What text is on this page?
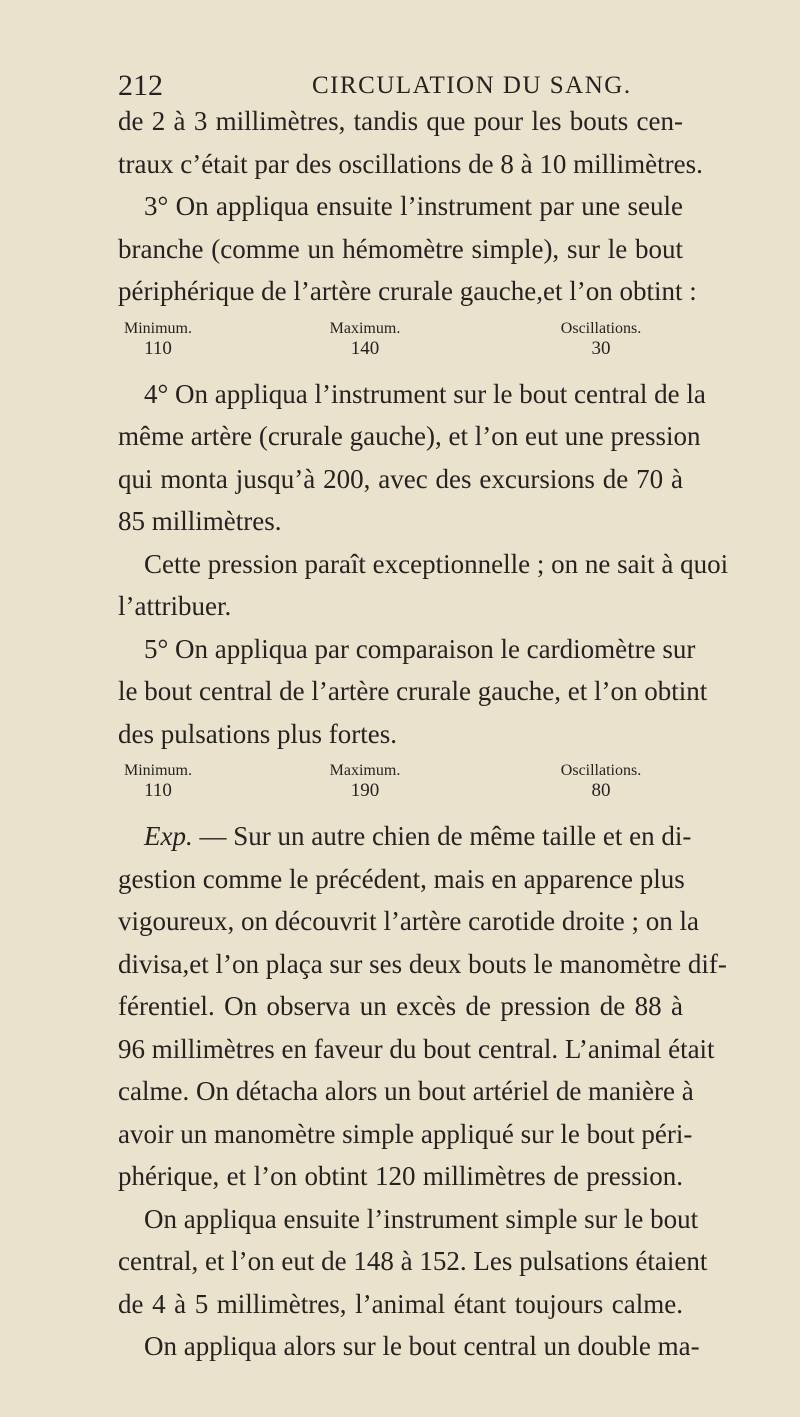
212	CIRCULATION DU SANG.
de 2 à 3 millimètres, tandis que pour les bouts cen-
traux c’était par des oscillations de 8 à 10 millimètres.
3° On appliqua ensuite l’instrument par une seule
branche (comme un hémomètre simple), sur le bout
périphérique de l’artère crurale gauche,et l’on obtint :
Minimum.
110
Maximum.
140
Oscillations.
30
4° On appliqua l’instrument sur le bout central de la
même artère (crurale gauche), et l’on eut une pression
qui monta jusqu’à 200, avec des excursions de 70 à
85 millimètres.
Cette pression paraît exceptionnelle ; on ne sait à quoi
l’attribuer.
5° On appliqua par comparaison le cardiomètre sur
le bout central de l’artère crurale gauche, et l’on obtint
des pulsations plus fortes.
Minimum.
110
Maximum.
190
Oscillations.
80
Exp. — Sur un autre chien de même taille et en di-
gestion comme le précédent, mais en apparence plus
vigoureux, on découvrit l’artère carotide droite ; on la
divisa,et l’on plaça sur ses deux bouts le manomètre dif-
férentiel. On observa un excès de pression de 88 à
96 millimètres en faveur du bout central. L’animal était
calme. On détacha alors un bout artériel de manière à
avoir un manomètre simple appliqué sur le bout péri-
phérique, et l’on obtint 120 millimètres de pression.
On appliqua ensuite l’instrument simple sur le bout
central, et l’on eut de 148 à 152. Les pulsations étaient
de 4 à 5 millimètres, l’animal étant toujours calme.
On appliqua alors sur le bout central un double ma-
